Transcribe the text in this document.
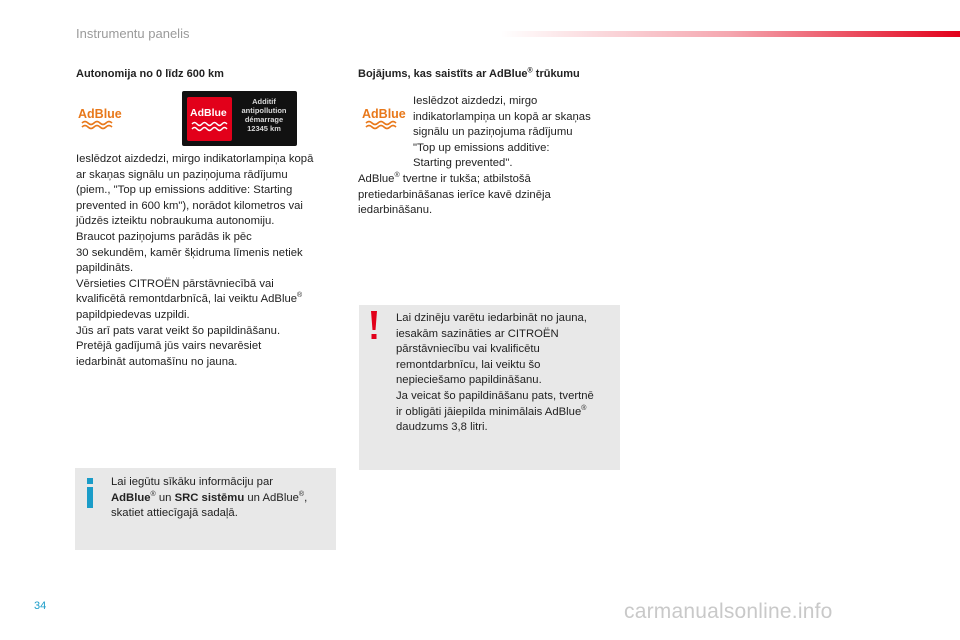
Instrumentu panelis
Autonomija no 0 līdz 600 km
AdBlue	AdBlue

Additif
antipollution
démarrage
12345 km

Ieslēdzot aizdedzi, mirgo indikatorlampiņa kopā
ar skaņas signālu un paziņojuma rādījumu
(piem., "Top up emissions additive: Starting
prevented in 600 km"), norādot kilometros vai
jūdzēs izteiktu nobraukuma autonomiju.
Braucot paziņojums parādās ik pēc
30 sekundēm, kamēr šķidruma līmenis netiek
papildināts.

Vērsieties CITROËN pārstāvniecībā vai
kvalificētā remontdarbnīcā, lai veiktu AdBlue®
papildpiedevas uzpildi.
Jūs arī pats varat veikt šo papildināšanu.
Pretējā gadījumā jūs vairs nevarēsiet
iedarbināt automašīnu no jauna.

Lai iegūtu sīkāku informāciju par

AdBlue® un SRC sistēmu un AdBlue®,

skatiet attiecīgajā sadaļā.

Bojājums, kas saistīts ar AdBlue® trūkumu
AdBlue

Ieslēdzot aizdedzi, mirgo
indikatorlampiņa un kopā ar skaņas
signālu un paziņojuma rādījumu
"Top up emissions additive:
Starting prevented".

AdBlue® tvertne ir tukša; atbilstošā
pretiedarbināšanas ierīce kavē dzinēja
iedarbināšanu.

Lai dzinēju varētu iedarbināt no jauna,
iesakām sazināties ar CITROËN
pārstāvniecību vai kvalificētu
remontdarbnīcu, lai veiktu šo
nepieciešamo papildināšanu.
Ja veicat šo papildināšanu pats, tvertnē
ir obligāti jāiepilda minimālais AdBlue®
daudzums 3,8 litri.

34	carmanualsonline.info
